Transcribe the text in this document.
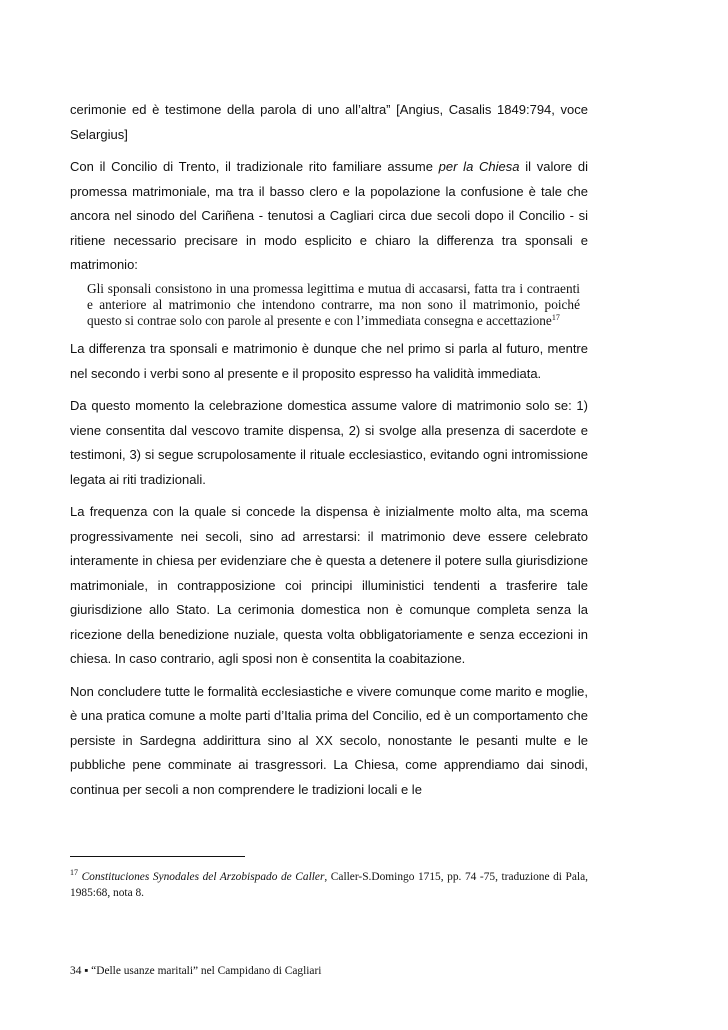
cerimonie ed è testimone della parola di uno all’altra” [Angius, Casalis 1849:794, voce Selargius]

Con il Concilio di Trento, il tradizionale rito familiare assume per la Chiesa il valore di promessa matrimoniale, ma tra il basso clero e la popolazione la confusione è tale che ancora nel sinodo del Cariñena - tenutosi a Cagliari circa due secoli dopo il Concilio - si ritiene necessario precisare in modo esplicito e chiaro la differenza tra sponsali e matrimonio:

Gli sponsali consistono in una promessa legittima e mutua di accasarsi, fatta tra i contraenti e anteriore al matrimonio che intendono contrarre, ma non sono il matrimonio, poiché questo si contrae solo con parole al presente e con l’immediata consegna e accettazione$^{17}$

La differenza tra sponsali e matrimonio è dunque che nel primo si parla al futuro, mentre nel secondo i verbi sono al presente e il proposito espresso ha validità immediata.

Da questo momento la celebrazione domestica assume valore di matrimonio solo se: 1) viene consentita dal vescovo tramite dispensa, 2) si svolge alla presenza di sacerdote e testimoni, 3) si segue scrupolosamente il rituale ecclesiastico, evitando ogni intromissione legata ai riti tradizionali.

La frequenza con la quale si concede la dispensa è inizialmente molto alta, ma scema progressivamente nei secoli, sino ad arrestarsi: il matrimonio deve essere celebrato interamente in chiesa per evidenziare che è questa a detenere il potere sulla giurisdizione matrimoniale, in contrapposizione coi principi illuministici tendenti a trasferire tale giurisdizione allo Stato. La cerimonia domestica non è comunque completa senza la ricezione della benedizione nuziale, questa volta obbligatoriamente e senza eccezioni in chiesa. In caso contrario, agli sposi non è consentita la coabitazione.

Non concludere tutte le formalità ecclesiastiche e vivere comunque come marito e moglie, è una pratica comune a molte parti d’Italia prima del Concilio, ed è un comportamento che persiste in Sardegna addirittura sino al XX secolo, nonostante le pesanti multe e le pubbliche pene comminate ai trasgressori. La Chiesa, come apprendiamo dai sinodi, continua per secoli a non comprendere le tradizioni locali e le

$^{17}$ Constituciones Synodales del Arzobispado de Caller, Caller-S.Domingo 1715, pp. 74 -75, traduzione di Pala, 1985:68, nota 8.
34 ▪ “Delle usanze maritali” nel Campidano di Cagliari
